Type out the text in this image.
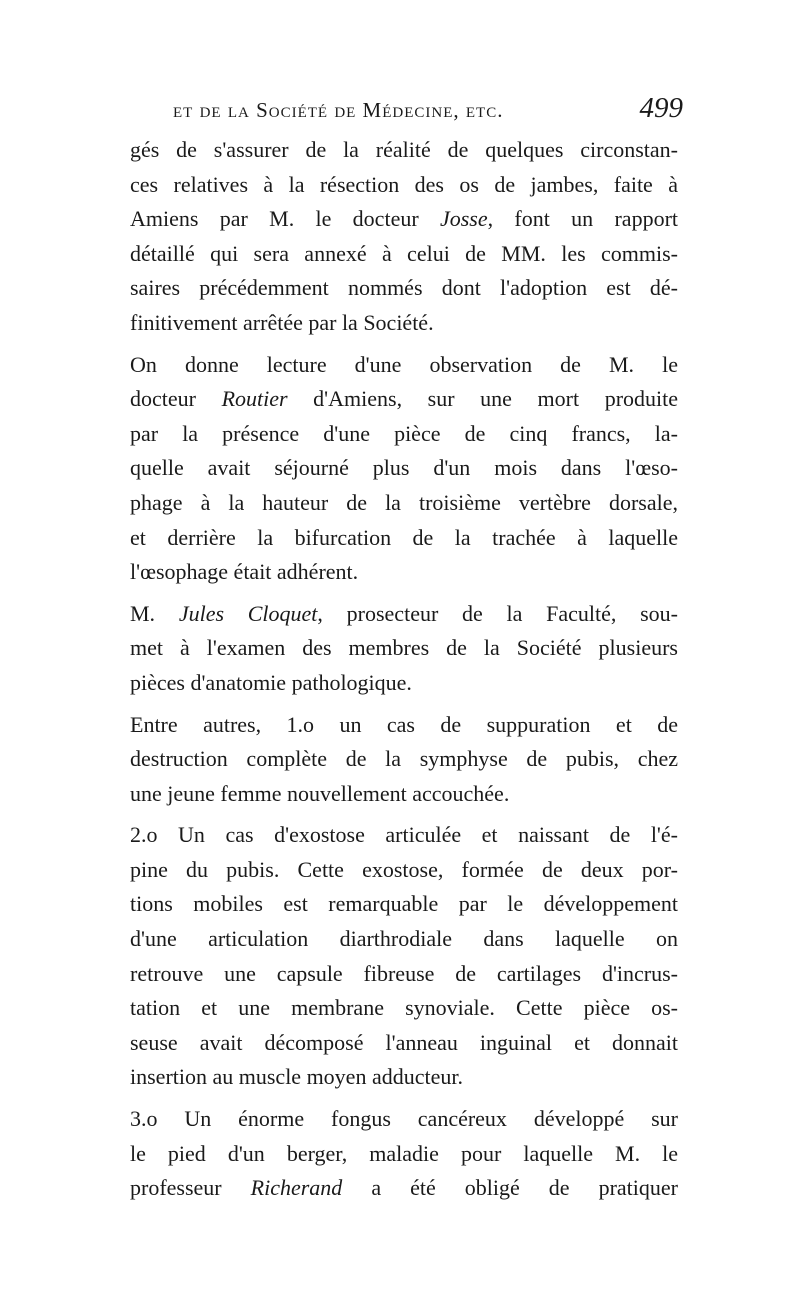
et de la Société de Médecine, etc.	499

gés de s'assurer de la réalité de quelques circonstan-
ces relatives à la résection des os de jambes, faite à
Amiens par M. le docteur Josse, font un rapport
détaillé qui sera annexé à celui de MM. les commis-
saires précédemment nommés dont l'adoption est dé-
finitivement arrêtée par la Société.

On donne lecture d'une observation de M. le
docteur Routier d'Amiens, sur une mort produite
par la présence d'une pièce de cinq francs, la-
quelle avait séjourné plus d'un mois dans l'œso-
phage à la hauteur de la troisième vertèbre dorsale,
et derrière la bifurcation de la trachée à laquelle
l'œsophage était adhérent.

M. Jules Cloquet, prosecteur de la Faculté, sou-
met à l'examen des membres de la Société plusieurs
pièces d'anatomie pathologique.

Entre autres, 1.o un cas de suppuration et de
destruction complète de la symphyse de pubis, chez
une jeune femme nouvellement accouchée.

2.o Un cas d'exostose articulée et naissant de l'é-
pine du pubis. Cette exostose, formée de deux por-
tions mobiles est remarquable par le développement
d'une articulation diarthrodiale dans laquelle on
retrouve une capsule fibreuse de cartilages d'incrus-
tation et une membrane synoviale. Cette pièce os-
seuse avait décomposé l'anneau inguinal et donnait
insertion au muscle moyen adducteur.

3.o Un énorme fongus cancéreux développé sur
le pied d'un berger, maladie pour laquelle M. le
professeur Richerand a été obligé de pratiquer
